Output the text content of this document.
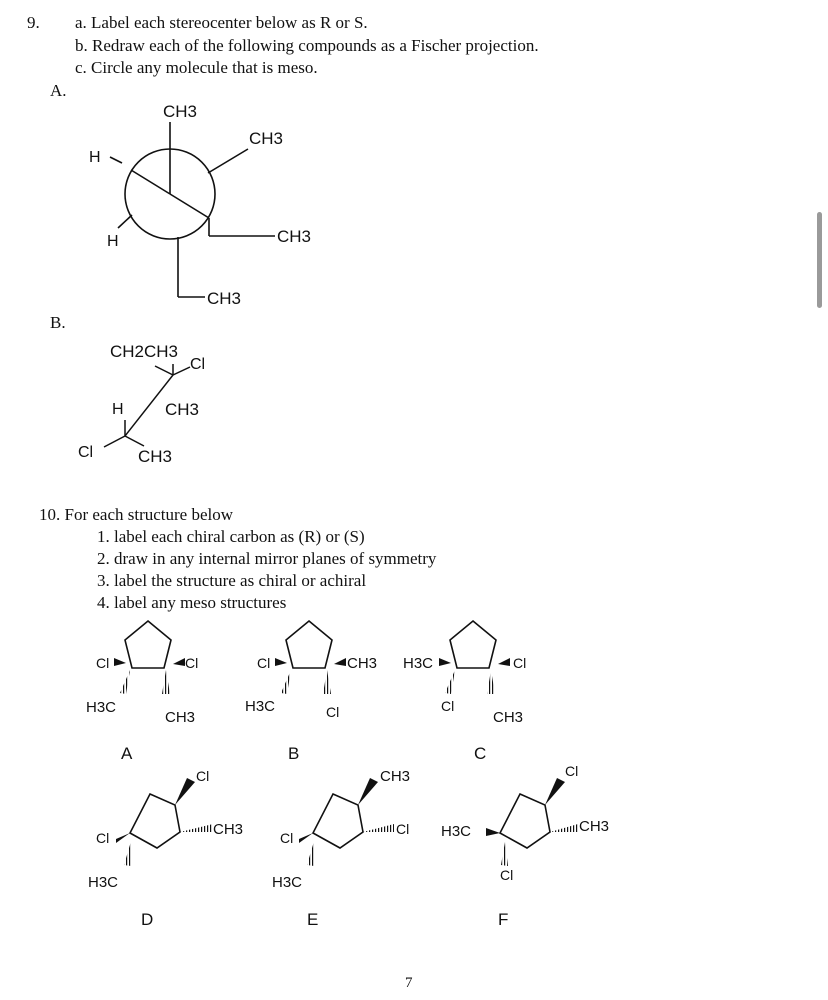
9. a. Label each stereocenter below as R or S.
b. Redraw each of the following compounds as a Fischer projection.
c. Circle any molecule that is meso.
A.
B.
10. For each structure below
1. label each chiral carbon as (R) or (S)
2. draw in any internal mirror planes of symmetry
3. label the structure as chiral or achiral
4. label any meso structures
7
CH3
CH3
H
H	CH3
CH3
CH2CH3
Cl
H CH3
Cl	CH3
Cl
H3C
Cl
CH3
A
Cl
H3C
CH3
Cl
B
H3C
Cl
Cl
CH3
C
Cl
CH3
Cl
H3C
D
CH3
Cl
Cl
H3C
E
Cl
CH3
H3C
Cl
F
